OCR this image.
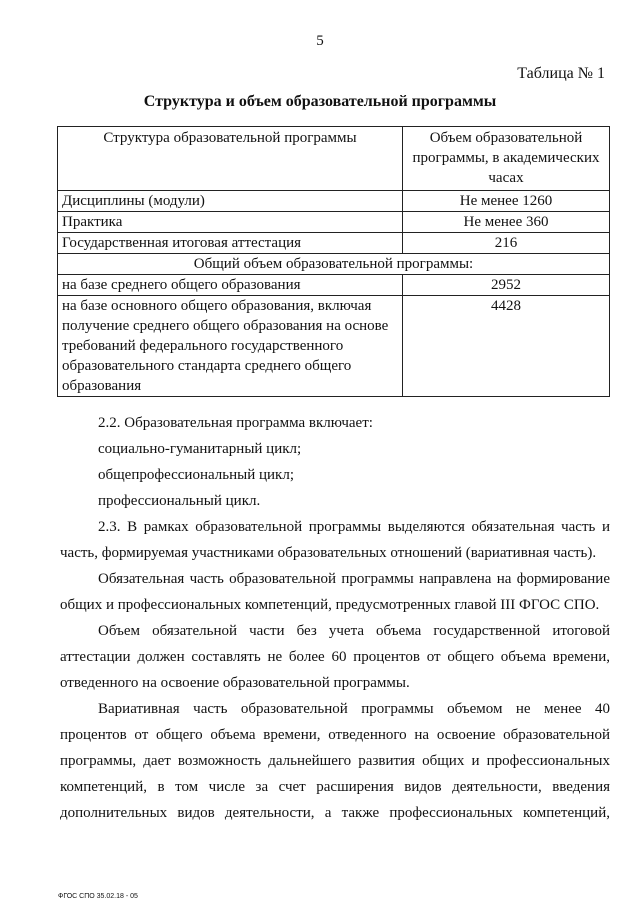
5
Таблица № 1
Структура и объем образовательной программы
Структура образовательной программы	Объем образовательной программы, в академических часах
Дисциплины (модули)	Не менее 1260
Практика	Не менее 360
Государственная итоговая аттестация	216
Общий объем образовательной программы:	
на базе среднего общего образования	2952
на базе основного общего образования, включая получение среднего общего образования на основе требований федерального государственного образовательного стандарта среднего общего образования	4428

2.2. Образовательная программа включает:

социально-гуманитарный цикл;

общепрофессиональный цикл;

профессиональный цикл.

2.3. В рамках образовательной программы выделяются обязательная часть и часть, формируемая участниками образовательных отношений (вариативная часть).

Обязательная часть образовательной программы направлена на формирование общих и профессиональных компетенций, предусмотренных главой III ФГОС СПО.

Объем обязательной части без учета объема государственной итоговой аттестации должен составлять не более 60 процентов от общего объема времени, отведенного на освоение образовательной программы.

Вариативная часть образовательной программы объемом не менее 40 процентов от общего объема времени, отведенного на освоение образовательной программы, дает возможность дальнейшего развития общих и профессиональных компетенций, в том числе за счет расширения видов деятельности, введения дополнительных видов деятельности, а также профессиональных компетенций,

ФГОС СПО 35.02.18 - 05
